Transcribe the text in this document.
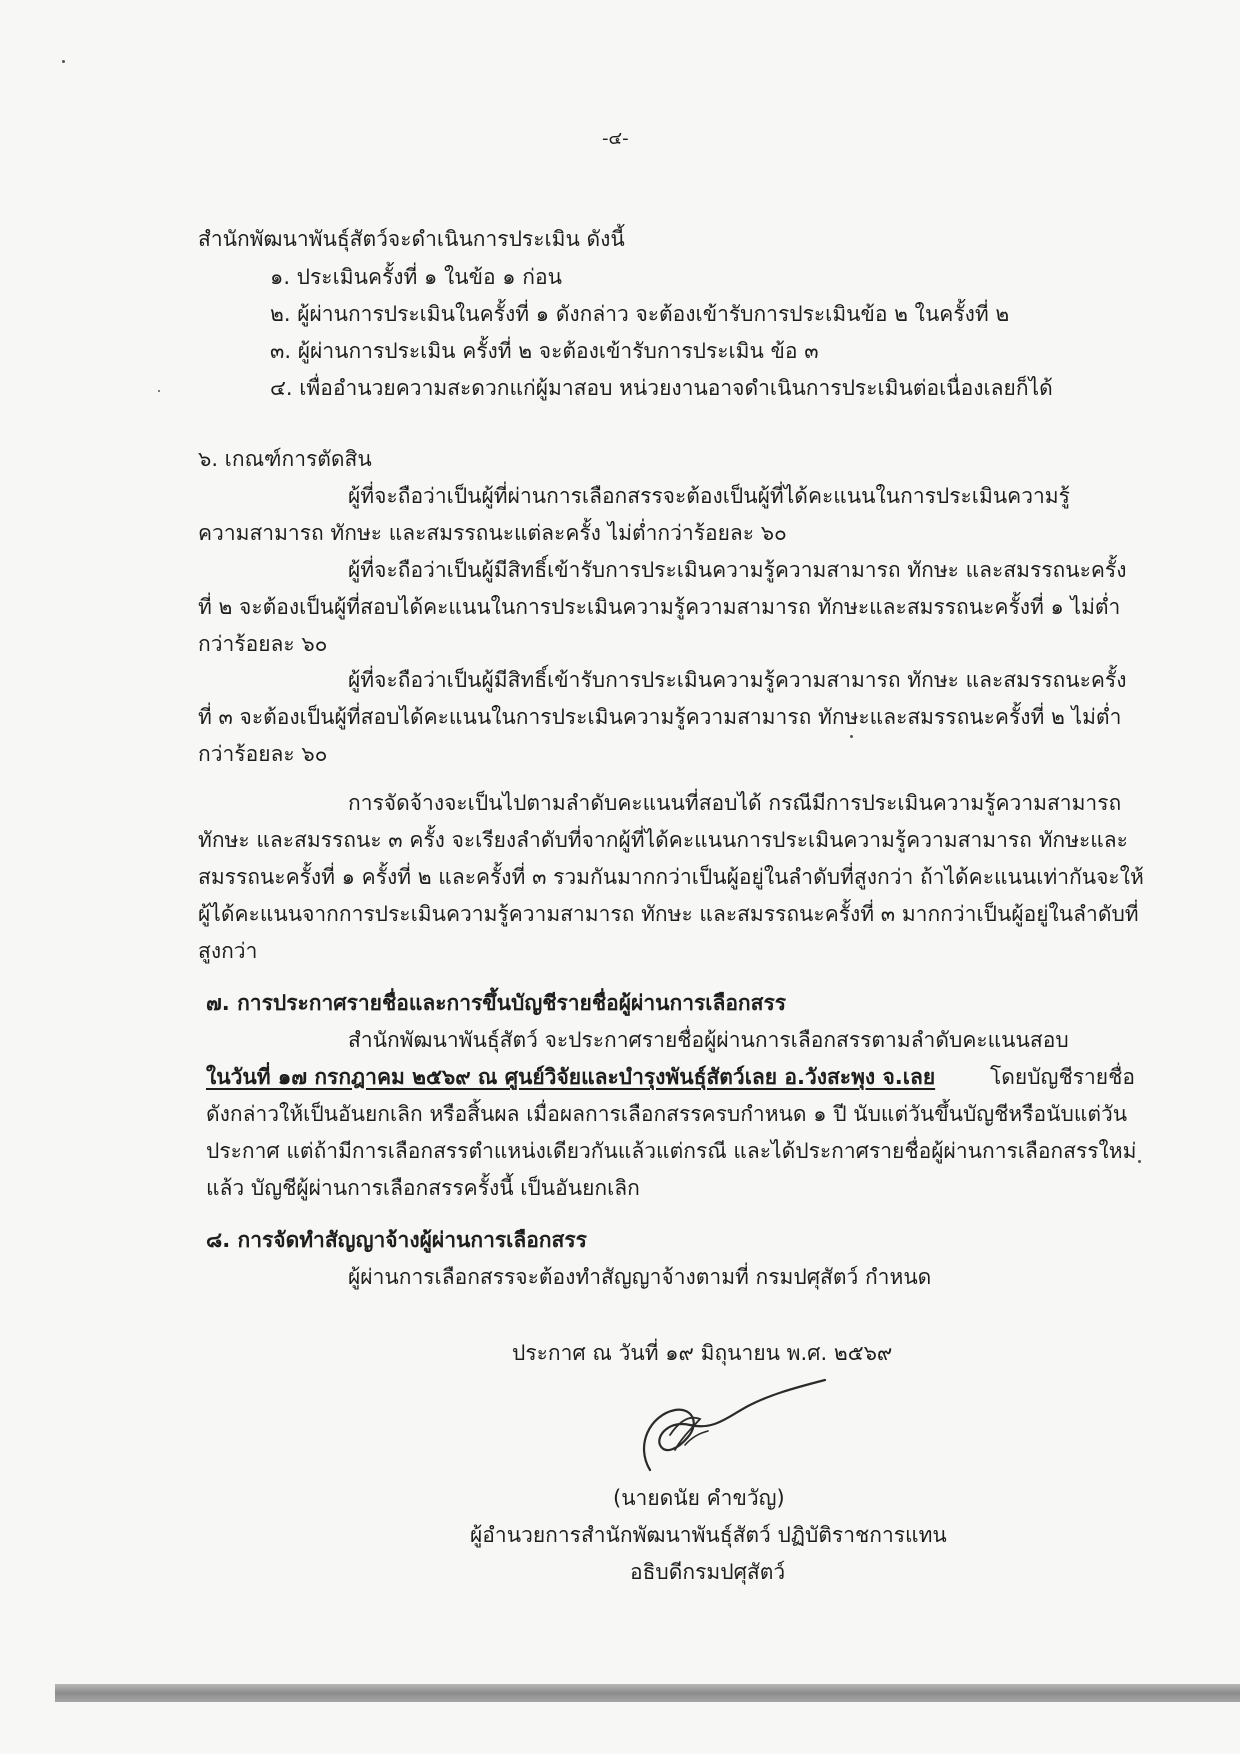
-๔-
สำนักพัฒนาพันธุ์สัตว์จะดำเนินการประเมิน ดังนี้
๑. ประเมินครั้งที่ ๑ ในข้อ ๑ ก่อน
๒. ผู้ผ่านการประเมินในครั้งที่ ๑ ดังกล่าว จะต้องเข้ารับการประเมินข้อ ๒ ในครั้งที่ ๒
๓. ผู้ผ่านการประเมิน ครั้งที่ ๒ จะต้องเข้ารับการประเมิน ข้อ ๓
๔. เพื่ออำนวยความสะดวกแก่ผู้มาสอบ หน่วยงานอาจดำเนินการประเมินต่อเนื่องเลยก็ได้
๖. เกณฑ์การตัดสิน
ผู้ที่จะถือว่าเป็นผู้ที่ผ่านการเลือกสรรจะต้องเป็นผู้ที่ได้คะแนนในการประเมินความรู้
ความสามารถ ทักษะ และสมรรถนะแต่ละครั้ง ไม่ต่ำกว่าร้อยละ ๖๐
ผู้ที่จะถือว่าเป็นผู้มีสิทธิ์เข้ารับการประเมินความรู้ความสามารถ ทักษะ และสมรรถนะครั้ง
ที่ ๒ จะต้องเป็นผู้ที่สอบได้คะแนนในการประเมินความรู้ความสามารถ ทักษะและสมรรถนะครั้งที่ ๑ ไม่ต่ำ
กว่าร้อยละ ๖๐
ผู้ที่จะถือว่าเป็นผู้มีสิทธิ์เข้ารับการประเมินความรู้ความสามารถ ทักษะ และสมรรถนะครั้ง
ที่ ๓ จะต้องเป็นผู้ที่สอบได้คะแนนในการประเมินความรู้ความสามารถ ทักษะและสมรรถนะครั้งที่ ๒ ไม่ต่ำ
กว่าร้อยละ ๖๐
การจัดจ้างจะเป็นไปตามลำดับคะแนนที่สอบได้ กรณีมีการประเมินความรู้ความสามารถ
ทักษะ และสมรรถนะ ๓ ครั้ง จะเรียงลำดับที่จากผู้ที่ได้คะแนนการประเมินความรู้ความสามารถ ทักษะและ
สมรรถนะครั้งที่ ๑ ครั้งที่ ๒ และครั้งที่ ๓ รวมกันมากกว่าเป็นผู้อยู่ในลำดับที่สูงกว่า ถ้าได้คะแนนเท่ากันจะให้
ผู้ได้คะแนนจากการประเมินความรู้ความสามารถ ทักษะ และสมรรถนะครั้งที่ ๓ มากกว่าเป็นผู้อยู่ในลำดับที่
สูงกว่า
๗. การประกาศรายชื่อและการขึ้นบัญชีรายชื่อผู้ผ่านการเลือกสรร
สำนักพัฒนาพันธุ์สัตว์ จะประกาศรายชื่อผู้ผ่านการเลือกสรรตามลำดับคะแนนสอบ
ในวันที่ ๑๗ กรกฎาคม ๒๕๖๙ ณ ศูนย์วิจัยและบำรุงพันธุ์สัตว์เลย อ.วังสะพุง จ.เลย	โดยบัญชีรายชื่อ
ดังกล่าวให้เป็นอันยกเลิก หรือสิ้นผล เมื่อผลการเลือกสรรครบกำหนด ๑ ปี นับแต่วันขึ้นบัญชีหรือนับแต่วัน
ประกาศ แต่ถ้ามีการเลือกสรรตำแหน่งเดียวกันแล้วแต่กรณี และได้ประกาศรายชื่อผู้ผ่านการเลือกสรรใหม่
แล้ว บัญชีผู้ผ่านการเลือกสรรครั้งนี้ เป็นอันยกเลิก
๘. การจัดทำสัญญาจ้างผู้ผ่านการเลือกสรร
ผู้ผ่านการเลือกสรรจะต้องทำสัญญาจ้างตามที่ กรมปศุสัตว์ กำหนด
ประกาศ ณ วันที่ ๑๙ มิถุนายน พ.ศ. ๒๕๖๙
(นายดนัย คำขวัญ)
ผู้อำนวยการสำนักพัฒนาพันธุ์สัตว์ ปฏิบัติราชการแทน
อธิบดีกรมปศุสัตว์
